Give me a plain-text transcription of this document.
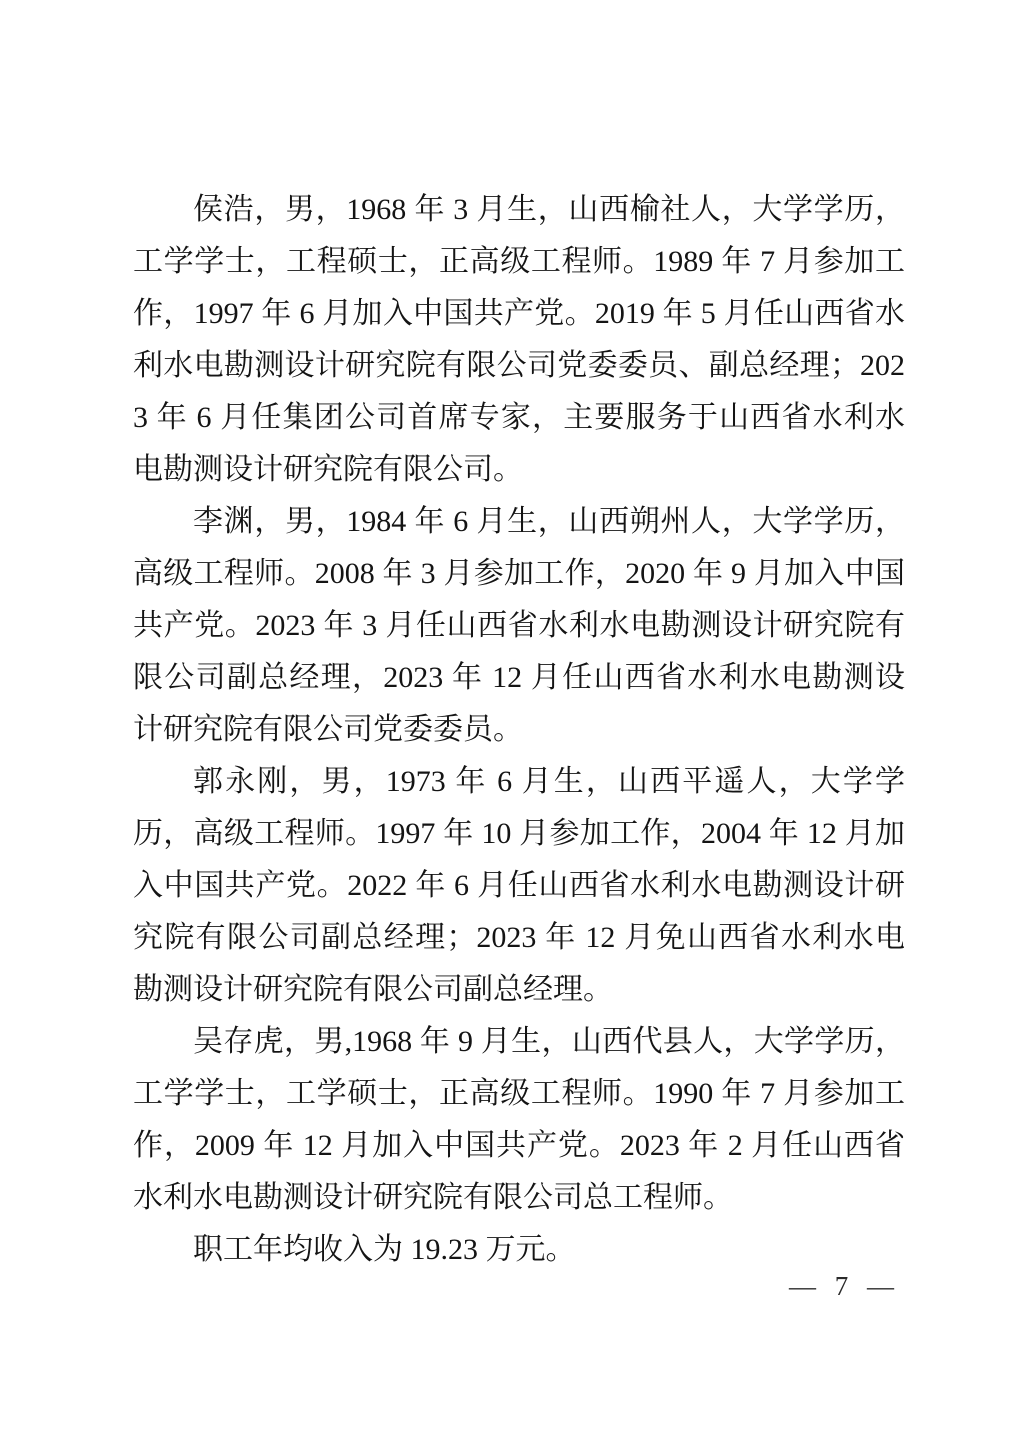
侯浩，男，1968 年 3 月生，山西榆社人，大学学历，工学学士，工程硕士，正高级工程师。1989 年 7 月参加工作，1997 年 6 月加入中国共产党。2019 年 5 月任山西省水利水电勘测设计研究院有限公司党委委员、副总经理；2023 年 6 月任集团公司首席专家，主要服务于山西省水利水电勘测设计研究院有限公司。

李渊，男，1984 年 6 月生，山西朔州人，大学学历，高级工程师。2008 年 3 月参加工作，2020 年 9 月加入中国共产党。2023 年 3 月任山西省水利水电勘测设计研究院有限公司副总经理，2023 年 12 月任山西省水利水电勘测设计研究院有限公司党委委员。

郭永刚，男，1973 年 6 月生，山西平遥人，大学学历，高级工程师。1997 年 10 月参加工作，2004 年 12 月加入中国共产党。2022 年 6 月任山西省水利水电勘测设计研究院有限公司副总经理；2023 年 12 月免山西省水利水电勘测设计研究院有限公司副总经理。

吴存虎，男,1968 年 9 月生，山西代县人，大学学历，工学学士，工学硕士，正高级工程师。1990 年 7 月参加工作，2009 年 12 月加入中国共产党。2023 年 2 月任山西省水利水电勘测设计研究院有限公司总工程师。

职工年均收入为 19.23 万元。

— 7 —
